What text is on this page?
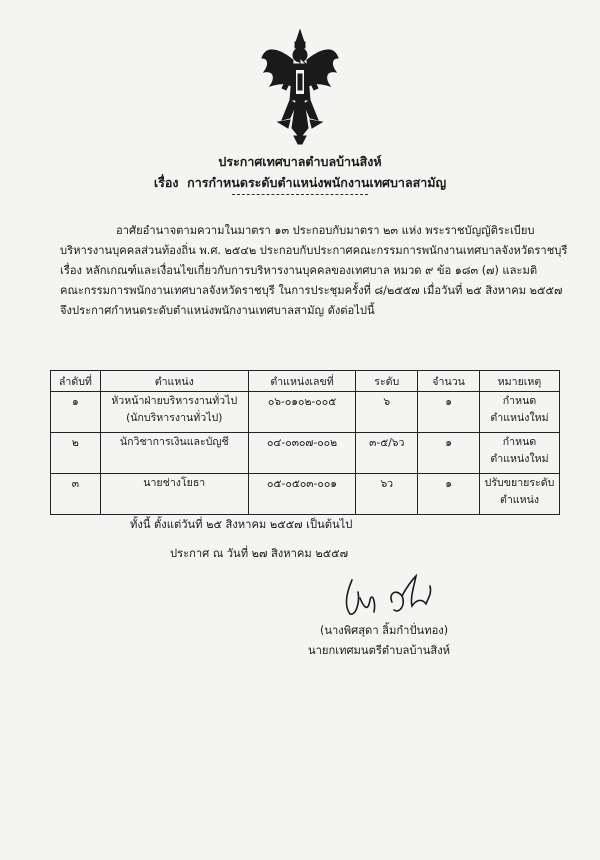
ประกาศเทศบาลตำบลบ้านสิงห์
เรื่อง การกำหนดระดับตำแหน่งพนักงานเทศบาลสามัญ
อาศัยอำนาจตามความในมาตรา ๑๓ ประกอบกับมาตรา ๒๓ แห่ง พระราชบัญญัติระเบียบ
บริหารงานบุคคลส่วนท้องถิ่น พ.ศ. ๒๕๔๒ ประกอบกับประกาศคณะกรรมการพนักงานเทศบาลจังหวัดราชบุรี
เรื่อง หลักเกณฑ์และเงื่อนไขเกี่ยวกับการบริหารงานบุคคลของเทศบาล หมวด ๙ ข้อ ๑๘๓ (๗) และมติ
คณะกรรมการพนักงานเทศบาลจังหวัดราชบุรี ในการประชุมครั้งที่ ๘/๒๕๕๗ เมื่อวันที่ ๒๕ สิงหาคม ๒๕๕๗
จึงประกาศกำหนดระดับตำแหน่งพนักงานเทศบาลสามัญ ดังต่อไปนี้
ลำดับที่	ตำแหน่ง	ตำแหน่งเลขที่	ระดับ	จำนวน	หมายเหตุ
๑	หัวหน้าฝ่ายบริหารงานทั่วไป
(นักบริหารงานทั่วไป)	๐๖-๐๑๐๒-๐๐๕	๖	๑	กำหนด
ตำแหน่งใหม่

๒	นักวิชาการเงินและบัญชี	๐๔-๐๓๐๗-๐๐๒	๓-๕/๖ว	๑	กำหนด
ตำแหน่งใหม่

๓	นายช่างโยธา	๐๕-๐๕๐๓-๐๐๑	๖ว	๑	ปรับขยายระดับ
ตำแหน่ง
ทั้งนี้ ตั้งแต่วันที่ ๒๕ สิงหาคม ๒๕๕๗ เป็นต้นไป
ประกาศ ณ วันที่ ๒๗ สิงหาคม ๒๕๕๗
(นางพิศสุดา ลิ้มกำปั่นทอง)
นายกเทศมนตรีตำบลบ้านสิงห์
